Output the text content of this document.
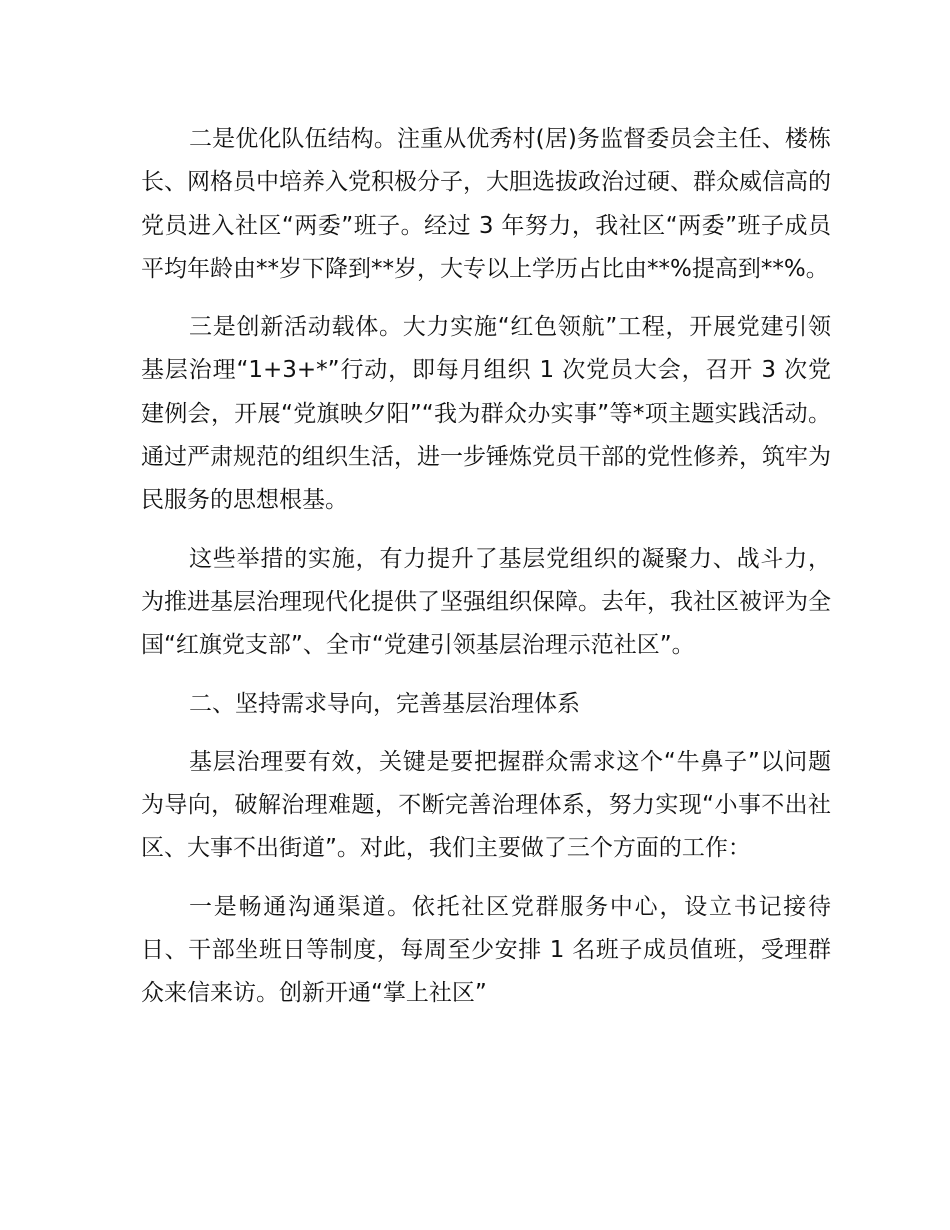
二是优化队伍结构。注重从优秀村(居)务监督委员会主任、楼栋长、网格员中培养入党积极分子，大胆选拔政治过硬、群众威信高的党员进入社区“两委”班子。经过 3 年努力，我社区“两委”班子成员平均年龄由**岁下降到**岁，大专以上学历占比由**%提高到**%。

三是创新活动载体。大力实施“红色领航”工程，开展党建引领基层治理“1+3+*”行动，即每月组织 1 次党员大会，召开 3 次党建例会，开展“党旗映夕阳”“我为群众办实事”等*项主题实践活动。通过严肃规范的组织生活，进一步锤炼党员干部的党性修养，筑牢为民服务的思想根基。

这些举措的实施，有力提升了基层党组织的凝聚力、战斗力，为推进基层治理现代化提供了坚强组织保障。去年，我社区被评为全国“红旗党支部”、全市“党建引领基层治理示范社区”。

二、坚持需求导向，完善基层治理体系

基层治理要有效，关键是要把握群众需求这个“牛鼻子”以问题为导向，破解治理难题，不断完善治理体系，努力实现“小事不出社区、大事不出街道”。对此，我们主要做了三个方面的工作：

一是畅通沟通渠道。依托社区党群服务中心，设立书记接待日、干部坐班日等制度，每周至少安排 1 名班子成员值班，受理群众来信来访。创新开通“掌上社区”
